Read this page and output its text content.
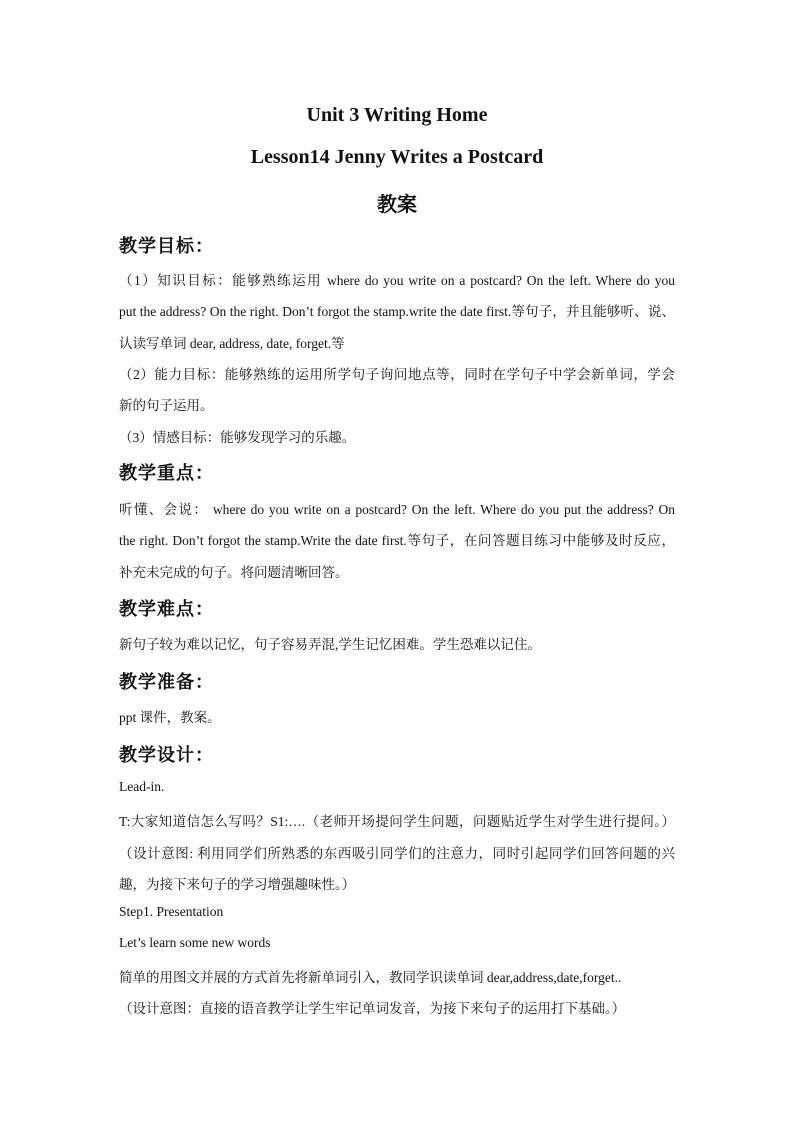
Unit 3 Writing Home
Lesson14 Jenny Writes a Postcard
教案
教学目标：
（1）知识目标：能够熟练运用 where do you write on a postcard? On the left. Where do you
put the address? On the right. Don’t forgot the stamp.write the date first.等句子，并且能够听、说、
认读写单词 dear, address, date, forget.等
（2）能力目标：能够熟练的运用所学句子询问地点等，同时在学句子中学会新单词，学会
新的句子运用。
（3）情感目标：能够发现学习的乐趣。
教学重点：
听懂、会说： where do you write on a postcard? On the left. Where do you put the address? On
the right. Don’t forgot the stamp.Write the date first.等句子，在问答题目练习中能够及时反应，
补充未完成的句子。将问题清晰回答。
教学难点：
新句子较为难以记忆，句子容易弄混,学生记忆困难。学生恐难以记住。
教学准备：
ppt 课件，教案。
教学设计：
Lead-in.
T:大家知道信怎么写吗？S1:….（老师开场提问学生问题，问题贴近学生对学生进行提问。）
（设计意图: 利用同学们所熟悉的东西吸引同学们的注意力，同时引起同学们回答问题的兴
趣，为接下来句子的学习增强趣味性。）
Step1. Presentation
Let’s learn some new words
简单的用图文并展的方式首先将新单词引入，教同学识读单词 dear,address,date,forget..
（设计意图：直接的语音教学让学生牢记单词发音，为接下来句子的运用打下基础。）
